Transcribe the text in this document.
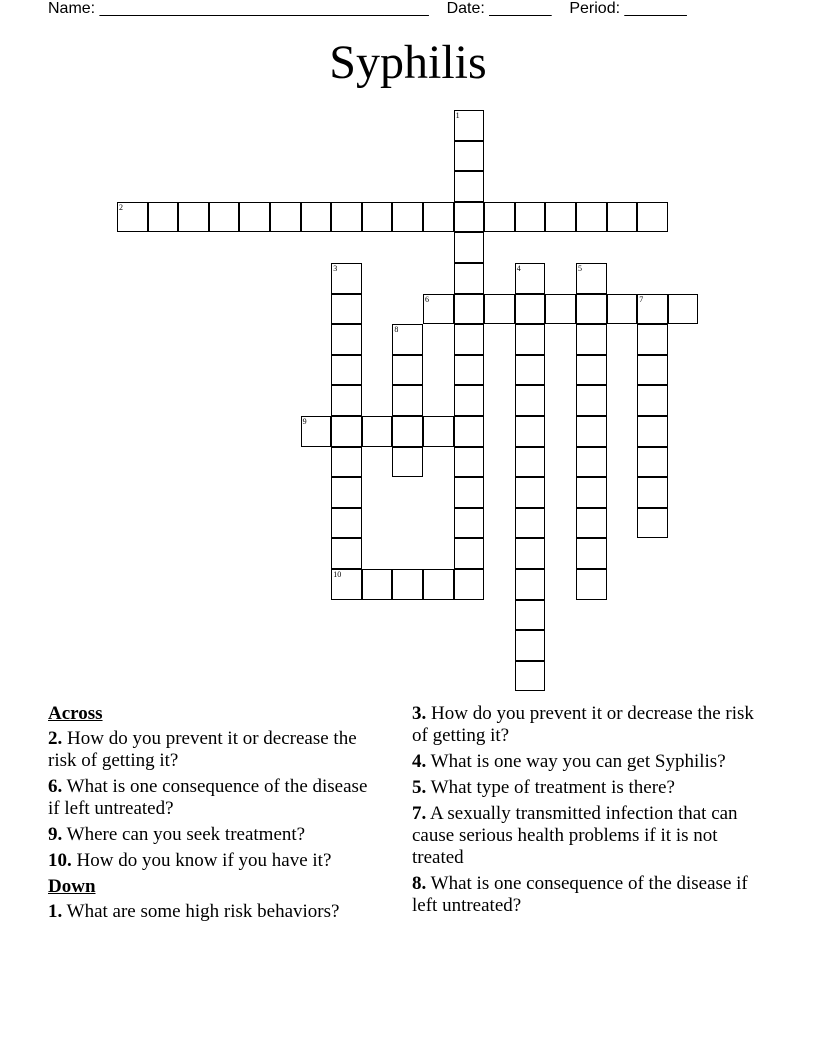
Name: _____________________________________    Date: _______    Period: _______
Syphilis
1
2
3
10
4	5
6	7
8
9
Across
2. How do you prevent it or decrease the risk of getting it?
6. What is one consequence of the disease if left untreated?
9. Where can you seek treatment?
10. How do you know if you have it?
Down
1. What are some high risk behaviors?
3. How do you prevent it or decrease the risk of getting it?
4. What is one way you can get Syphilis?
5. What type of treatment is there?
7. A sexually transmitted infection that can cause serious health problems if it is not treated
8. What is one consequence of the disease if left untreated?
